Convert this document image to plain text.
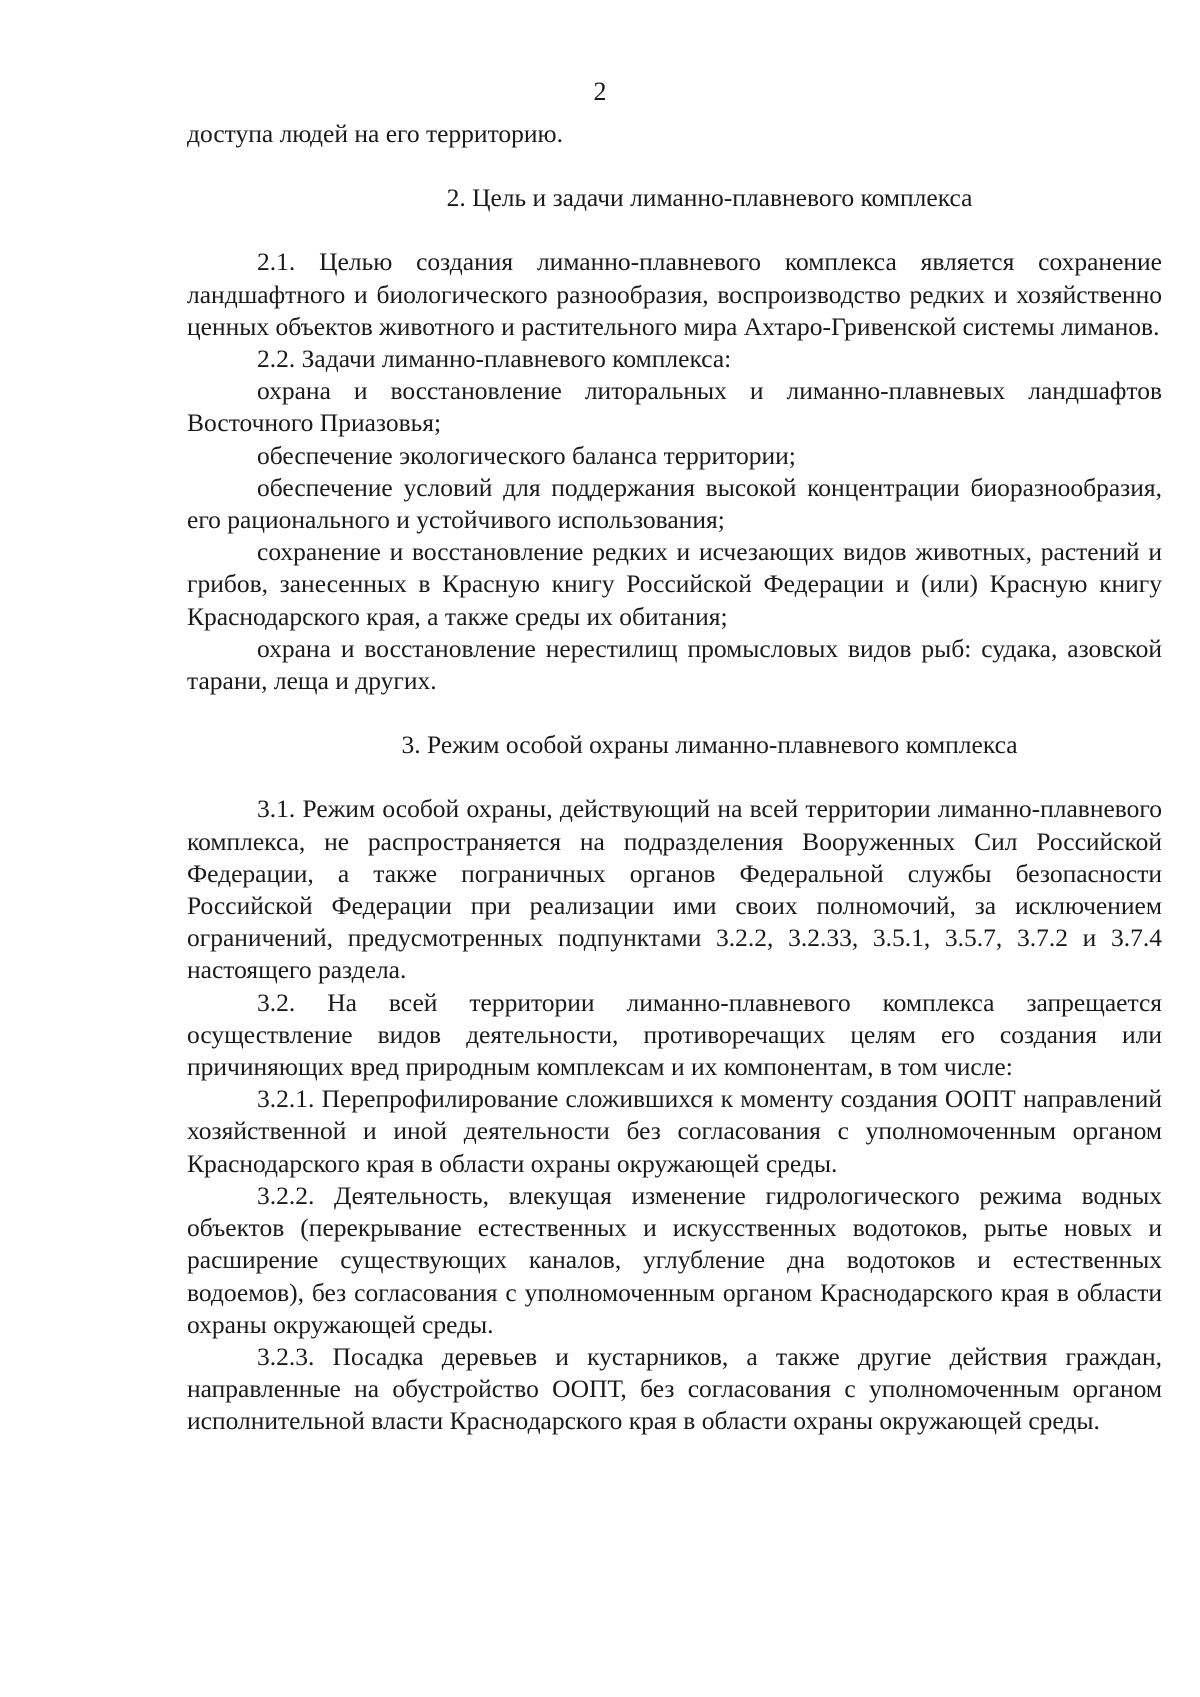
2

доступа людей на его территорию.

2. Цель и задачи лиманно-плавневого комплекса

2.1. Целью создания лиманно-плавневого комплекса является сохранение ландшафтного и биологического разнообразия, воспроизводство редких и хозяйственно ценных объектов животного и растительного мира Ахтаро-Гривенской системы лиманов.

2.2. Задачи лиманно-плавневого комплекса:

охрана и восстановление литоральных и лиманно-плавневых ландшафтов Восточного Приазовья;

обеспечение экологического баланса территории;

обеспечение условий для поддержания высокой концентрации биоразнообразия, его рационального и устойчивого использования;

сохранение и восстановление редких и исчезающих видов животных, растений и грибов, занесенных в Красную книгу Российской Федерации и (или) Красную книгу Краснодарского края, а также среды их обитания;

охрана и восстановление нерестилищ промысловых видов рыб: судака, азовской тарани, леща и других.

3. Режим особой охраны лиманно-плавневого комплекса

3.1. Режим особой охраны, действующий на всей территории лиманно-плавневого комплекса, не распространяется на подразделения Вооруженных Сил Российской Федерации, а также пограничных органов Федеральной службы безопасности Российской Федерации при реализации ими своих полномочий, за исключением ограничений, предусмотренных подпунктами 3.2.2, 3.2.33, 3.5.1, 3.5.7, 3.7.2 и 3.7.4 настоящего раздела.

3.2. На всей территории лиманно-плавневого комплекса запрещается осуществление видов деятельности, противоречащих целям его создания или причиняющих вред природным комплексам и их компонентам, в том числе:

3.2.1. Перепрофилирование сложившихся к моменту создания ООПТ направлений хозяйственной и иной деятельности без согласования с уполномоченным органом Краснодарского края в области охраны окружающей среды.

3.2.2. Деятельность, влекущая изменение гидрологического режима водных объектов (перекрывание естественных и искусственных водотоков, рытье новых и расширение существующих каналов, углубление дна водотоков и естественных водоемов), без согласования с уполномоченным органом Краснодарского края в области охраны окружающей среды.

3.2.3. Посадка деревьев и кустарников, а также другие действия граждан, направленные на обустройство ООПТ, без согласования с уполномоченным органом исполнительной власти Краснодарского края в области охраны окружающей среды.
